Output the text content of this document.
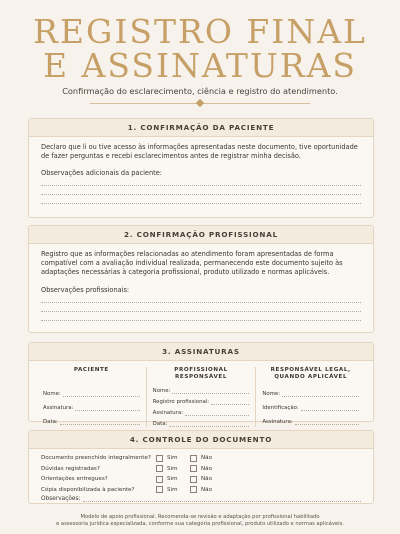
REGISTRO FINAL
E ASSINATURAS
Confirmação do esclarecimento, ciência e registro do atendimento.
1. CONFIRMAÇÃO DA PACIENTE
Declaro que li ou tive acesso às informações apresentadas neste documento, tive oportunidade de fazer perguntas e recebi esclarecimentos antes de registrar minha decisão.
Observações adicionais da paciente:
2. CONFIRMAÇÃO PROFISSIONAL
Registro que as informações relacionadas ao atendimento foram apresentadas de forma compatível com a avaliação individual realizada, permanecendo este documento sujeito às adaptações necessárias à categoria profissional, produto utilizado e normas aplicáveis.
Observações profissionais:
3. ASSINATURAS
PACIENTE
Nome:
Assinatura:
Data:
PROFISSIONAL RESPONSÁVEL
Nome:
Registro profissional:
Assinatura:
Data:
RESPONSÁVEL LEGAL, QUANDO APLICÁVEL
Nome:
Identificação:
Assinatura:
4. CONTROLE DO DOCUMENTO
Documento preenchido integralmente?	Sim	Não
Dúvidas registradas?	Sim	Não
Orientações entregues?	Sim	Não
Cópia disponibilizada à paciente?	Sim	Não
Observações:
Modelo de apoio profissional. Recomenda-se revisão e adaptação por profissional habilitado
e assessoria jurídica especializada, conforme sua categoria profissional, produto utilizado e normas aplicáveis.
